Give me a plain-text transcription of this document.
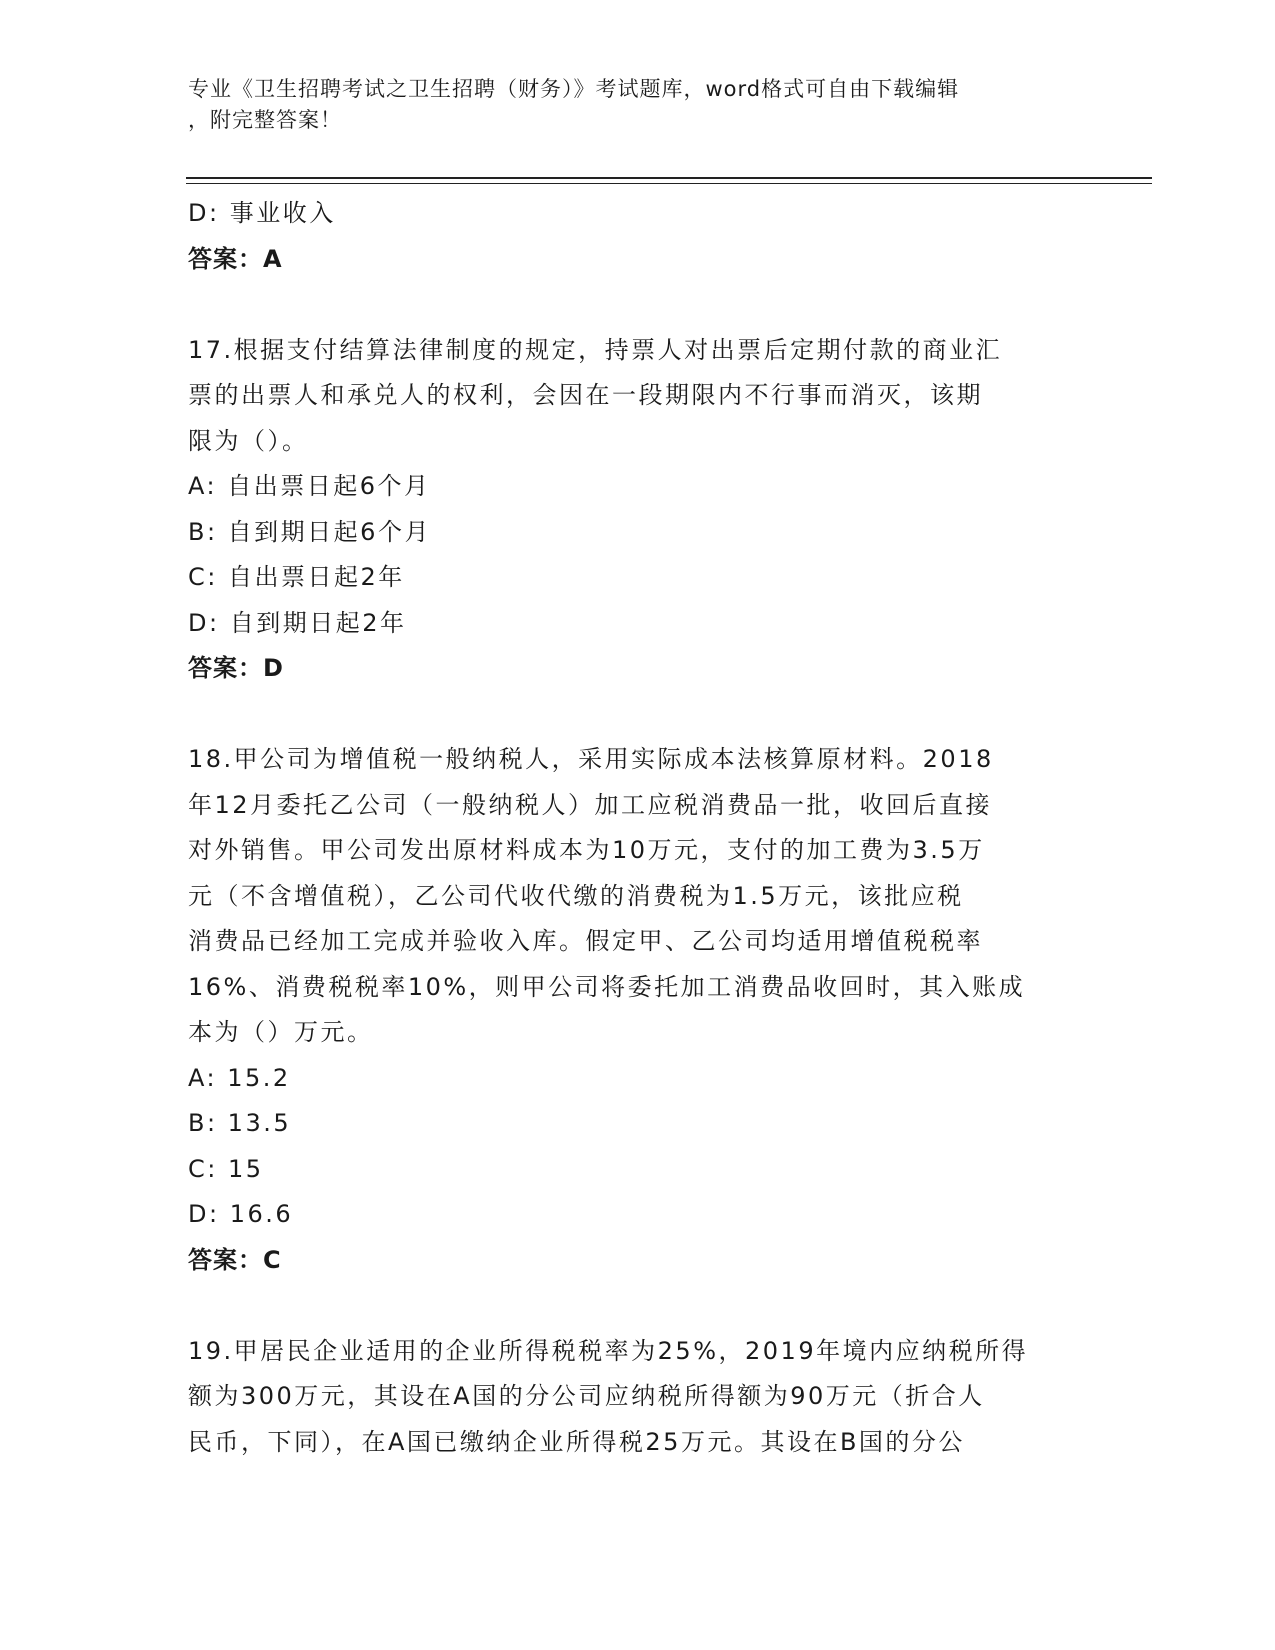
专业《卫生招聘考试之卫生招聘（财务）》考试题库，word格式可自由下载编辑
，附完整答案！
D: 事业收入
答案：A
17.根据支付结算法律制度的规定，持票人对出票后定期付款的商业汇
票的出票人和承兑人的权利，会因在一段期限内不行事而消灭，该期
限为（）。
A: 自出票日起6个月
B: 自到期日起6个月
C: 自出票日起2年
D: 自到期日起2年
答案：D
18.甲公司为增值税一般纳税人，采用实际成本法核算原材料。2018
年12月委托乙公司（一般纳税人）加工应税消费品一批，收回后直接
对外销售。甲公司发出原材料成本为10万元，支付的加工费为3.5万
元（不含增值税），乙公司代收代缴的消费税为1.5万元，该批应税
消费品已经加工完成并验收入库。假定甲、乙公司均适用增值税税率
16%、消费税税率10%，则甲公司将委托加工消费品收回时，其入账成
本为（）万元。
A: 15.2
B: 13.5
C: 15
D: 16.6
答案：C
19.甲居民企业适用的企业所得税税率为25%，2019年境内应纳税所得
额为300万元，其设在A国的分公司应纳税所得额为90万元（折合人
民币，下同），在A国已缴纳企业所得税25万元。其设在B国的分公
